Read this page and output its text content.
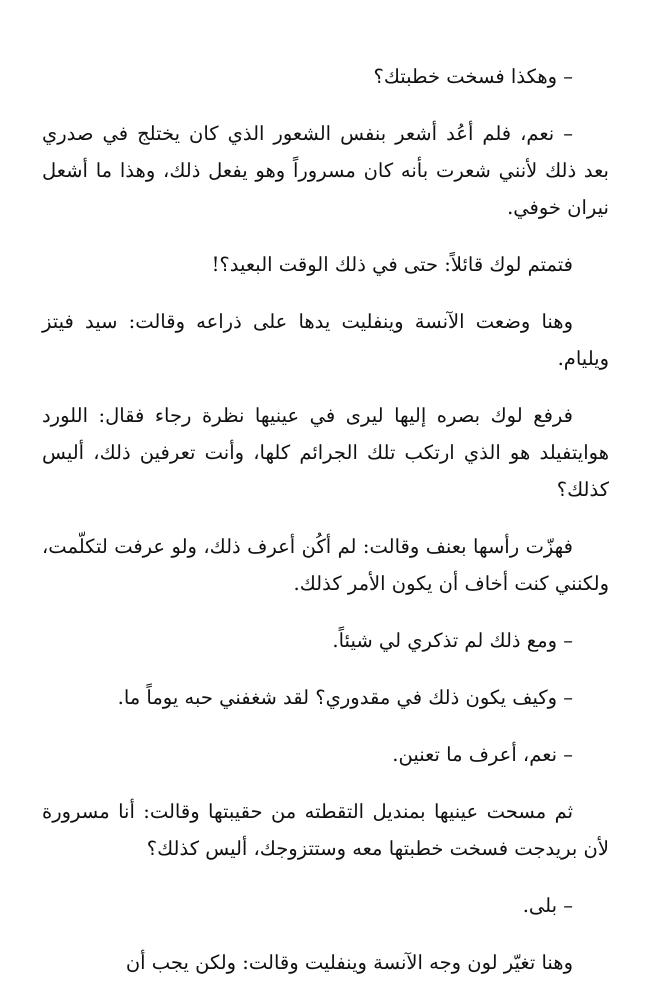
– وهكذا فسخت خطبتك؟

– نعم، فلم أعُد أشعر بنفس الشعور الذي كان يختلج في صدري بعد ذلك لأنني شعرت بأنه كان مسروراً وهو يفعل ذلك، وهذا ما أشعل نيران خوفي.

فتمتم لوك قائلاً: حتى في ذلك الوقت البعيد؟!

وهنا وضعت الآنسة وينفليت يدها على ذراعه وقالت: سيد فيتز ويليام.

فرفع لوك بصره إليها ليرى في عينيها نظرة رجاء فقال: اللورد هوايتفيلد هو الذي ارتكب تلك الجرائم كلها، وأنت تعرفين ذلك، أليس كذلك؟

فهزّت رأسها بعنف وقالت: لم أكُن أعرف ذلك، ولو عرفت لتكلّمت، ولكنني كنت أخاف أن يكون الأمر كذلك.

– ومع ذلك لم تذكري لي شيئاً.

– وكيف يكون ذلك في مقدوري؟ لقد شغفني حبه يوماً ما.

– نعم، أعرف ما تعنين.

ثم مسحت عينيها بمنديل التقطته من حقيبتها وقالت: أنا مسرورة لأن بريدجت فسخت خطبتها معه وستتزوجك، أليس كذلك؟

– بلى.

وهنا تغيّر لون وجه الآنسة وينفليت وقالت: ولكن يجب أن
